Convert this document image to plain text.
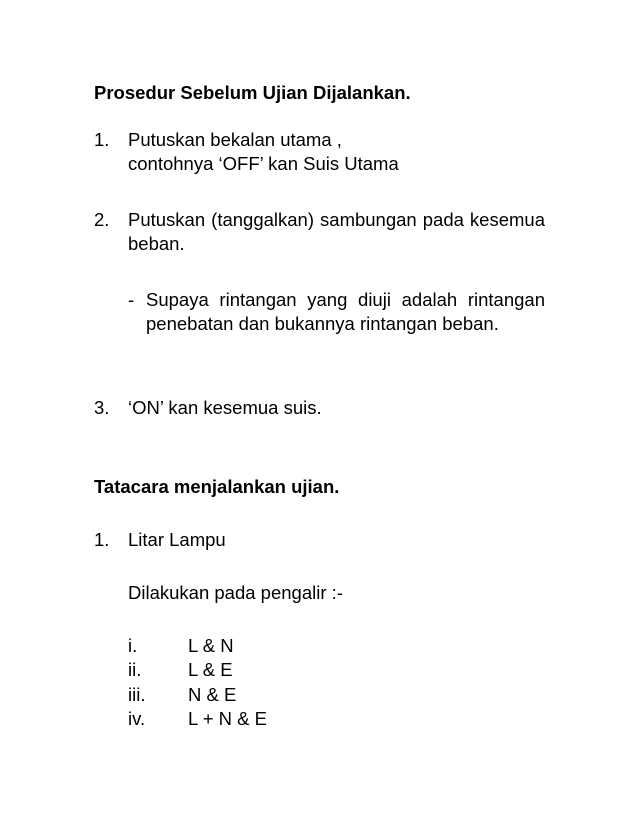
Prosedur Sebelum Ujian Dijalankan.
1. Putuskan bekalan utama , contohnya ‘OFF’ kan Suis Utama
2. Putuskan (tanggalkan) sambungan pada kesemua beban.
- Supaya rintangan yang diuji adalah rintangan penebatan dan bukannya rintangan beban.
3. ‘ON’ kan kesemua suis.
Tatacara menjalankan ujian.
1. Litar Lampu
Dilakukan pada pengalir :-
i.	L & N
ii.	L & E
iii. N & E
iv. L + N & E
